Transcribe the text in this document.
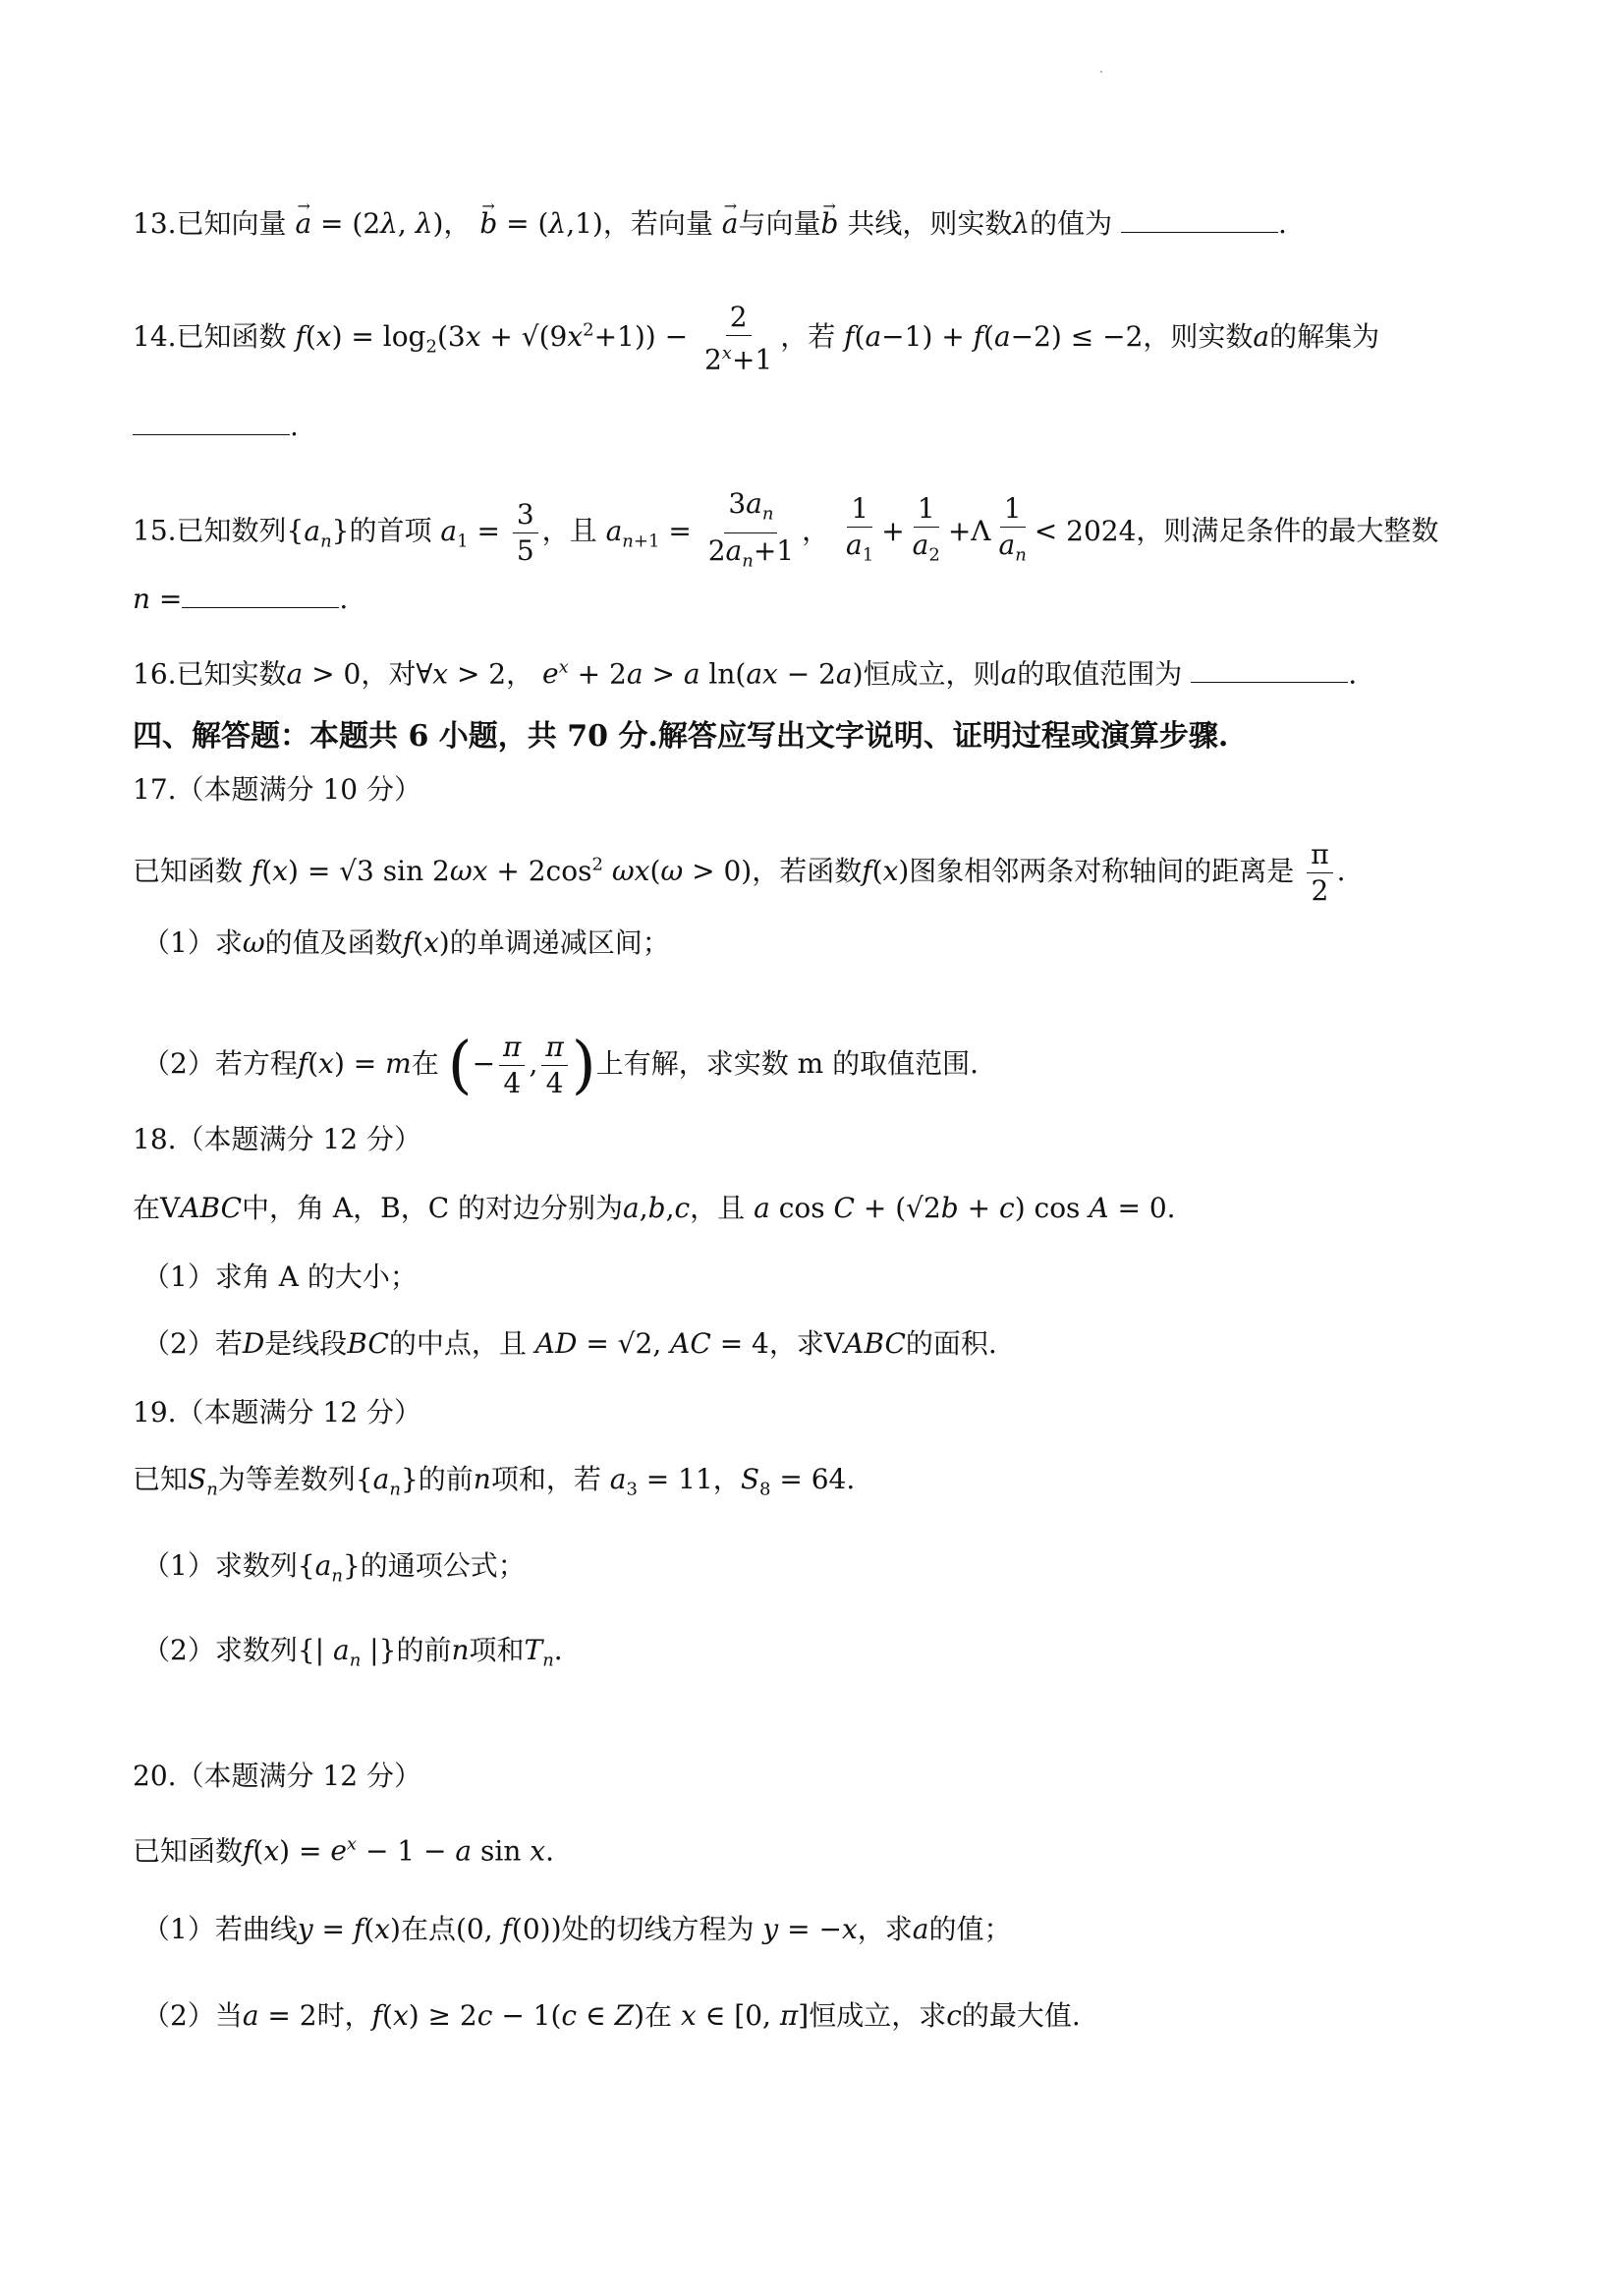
13.已知向量 → a = (2λ, λ)， → b = (λ,1)，若向量 → a与向量→ b 共线，则实数λ的值为	.
14.已知函数 $f(x) = \log_2(3x + √(9x^2+1)) - \frac{2}{2^x+1}$ ，若 f(a−1) + f(a−2) ≤ −2，则实数a的解集为
.
15.已知数列$\{a_n\}$的首项 $a_1 = \frac{3}{5}$ ，且 $a_{n+1} = \frac{3a_n}{2a_n+1}$ ， $\frac{1}{a_1} + \frac{1}{a_2} +\Lambda \frac{1}{a_n} < 2024$，则满足条件的最大整数
n =	.
16.已知实数a > 0，对∀x > 2， $e^x + 2a > a$ ln(ax − 2a)恒成立，则a的取值范围为	.
四、解答题：本题共 6 小题，共 70 分.解答应写出文字说明、证明过程或演算步骤.
17.（本题满分 10 分）
已知函数 f(x) = √3 $\sin 2\omega x + 2\cos^2$ ωx(ω > 0)，若函数f(x)图象相邻两条对称轴间的距离是 $\frac{\pi}{2}$ .
（1）求ω的值及函数f(x)的单调递减区间；
（2）若方程f(x) = m在 (− $\frac{\pi}{4}$ , $\frac{\pi}{4}$ )上有解，求实数 m 的取值范围.
18.（本题满分 12 分）
在VABC中，角 A，B，C 的对边分别为a,b,c，且 a cos C + (√2b + c) cos A = 0.
（1）求角 A 的大小；
（2）若D是线段BC的中点，且 AD = √2, AC = 4，求VABC的面积.
19.（本题满分 12 分）
已知$S_n$为等差数列$\{a_n\}$的前n项和，若 $a_3 = 11$，$S_8 = 64$.
（1）求数列$\{a_n\}$的通项公式；
（2）求数列{| $a_n$ |}的前n项和$T_n$.
20.（本题满分 12 分）
已知函数$f(x) = e^x - 1 - a$ sin x.
（1）若曲线y = f(x)在点(0, f(0))处的切线方程为 y = −x，求a的值；
（2）当a = 2时，f(x) ≥ 2c − 1(c ∈ Z)在 x ∈ [0, π]恒成立，求c的最大值.
